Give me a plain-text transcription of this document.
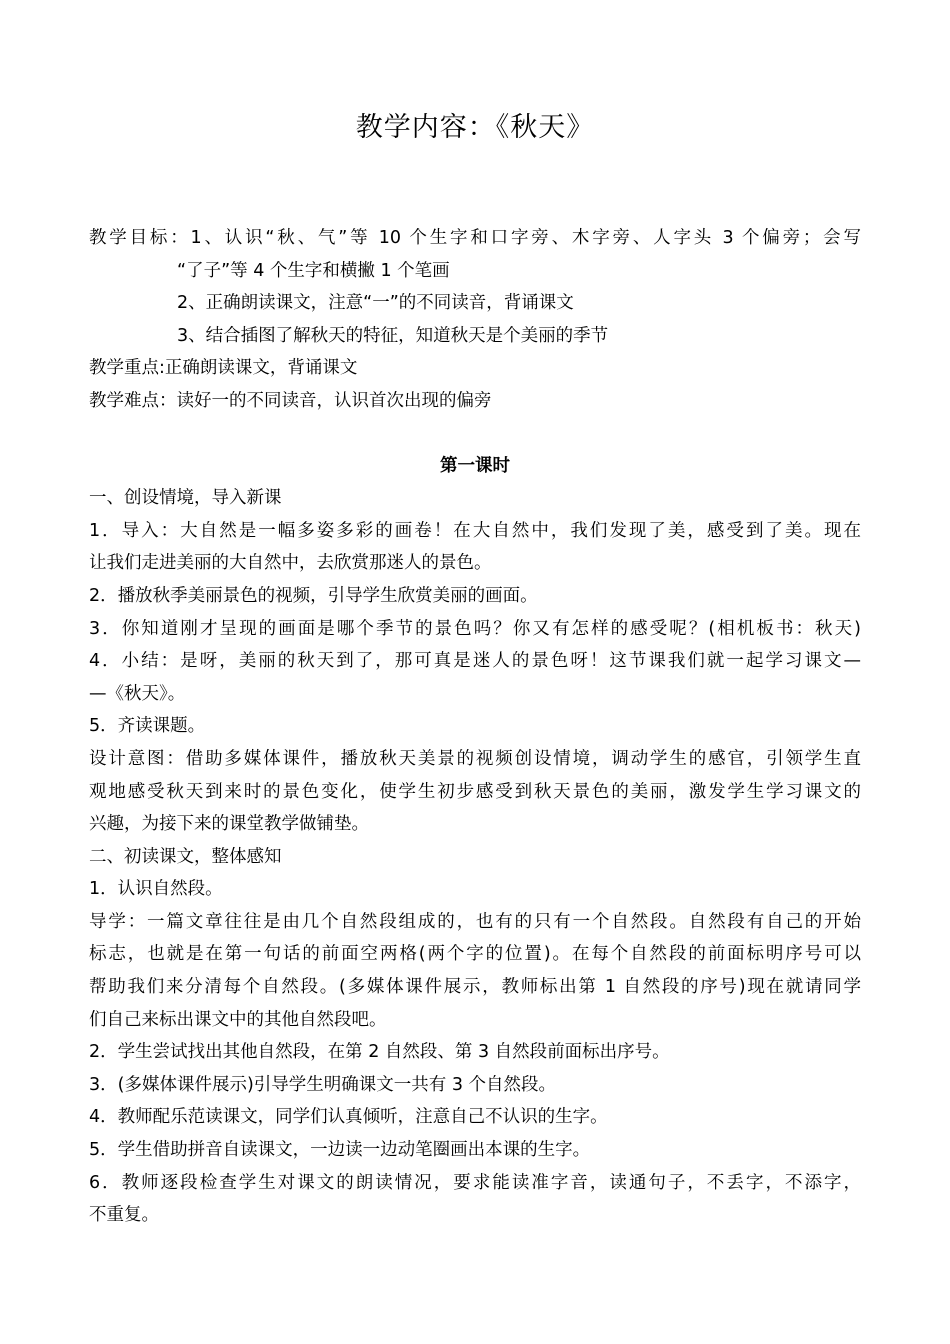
教学内容：《秋天》
教学目标：1、认识“秋、气”等 10 个生字和口字旁、木字旁、人字头 3 个偏旁；会写
“了子”等 4 个生字和横撇 1 个笔画
2、正确朗读课文，注意“一”的不同读音，背诵课文
3、结合插图了解秋天的特征，知道秋天是个美丽的季节
教学重点:正确朗读课文，背诵课文
教学难点：读好一的不同读音，认识首次出现的偏旁
第一课时
一、创设情境，导入新课
1．导入：大自然是一幅多姿多彩的画卷！在大自然中，我们发现了美，感受到了美。现在
让我们走进美丽的大自然中，去欣赏那迷人的景色。
2．播放秋季美丽景色的视频，引导学生欣赏美丽的画面。
3．你知道刚才呈现的画面是哪个季节的景色吗？你又有怎样的感受呢？(相机板书：秋天)
4．小结：是呀，美丽的秋天到了，那可真是迷人的景色呀！这节课我们就一起学习课文—
—《秋天》。
5．齐读课题。
设计意图：借助多媒体课件，播放秋天美景的视频创设情境，调动学生的感官，引领学生直
观地感受秋天到来时的景色变化，使学生初步感受到秋天景色的美丽，激发学生学习课文的
兴趣，为接下来的课堂教学做铺垫。
二、初读课文，整体感知
1．认识自然段。
导学：一篇文章往往是由几个自然段组成的，也有的只有一个自然段。自然段有自己的开始
标志，也就是在第一句话的前面空两格(两个字的位置)。在每个自然段的前面标明序号可以
帮助我们来分清每个自然段。(多媒体课件展示，教师标出第 1 自然段的序号)现在就请同学
们自己来标出课文中的其他自然段吧。
2．学生尝试找出其他自然段，在第 2 自然段、第 3 自然段前面标出序号。
3．(多媒体课件展示)引导学生明确课文一共有 3 个自然段。
4．教师配乐范读课文，同学们认真倾听，注意自己不认识的生字。
5．学生借助拼音自读课文，一边读一边动笔圈画出本课的生字。
6．教师逐段检查学生对课文的朗读情况，要求能读准字音，读通句子，不丢字，不添字，
不重复。
